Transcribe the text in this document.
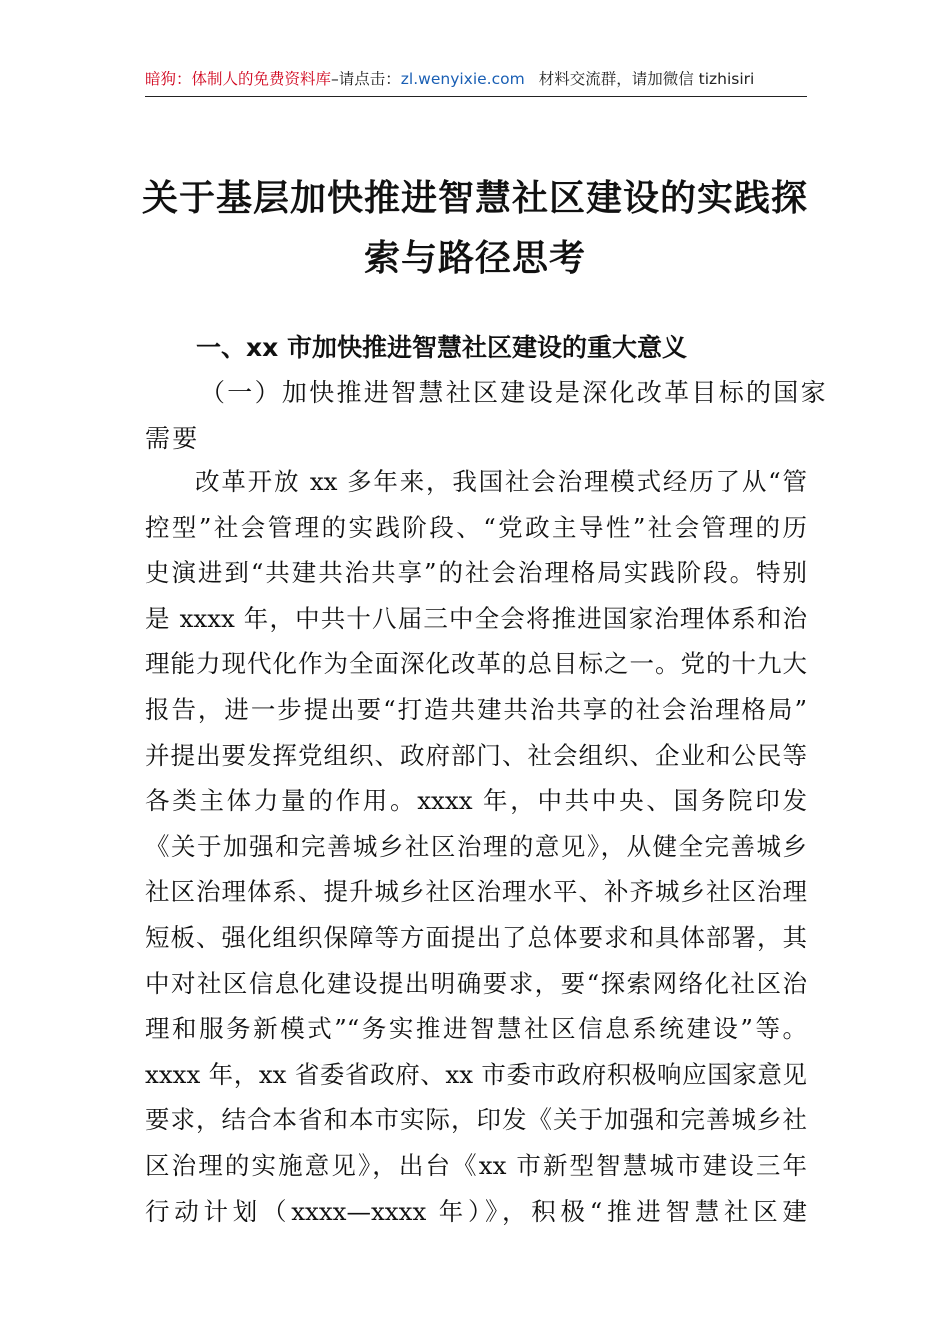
暗狗：体制人的免费资料库–请点击：zl.wenyixie.com 材料交流群，请加微信 tizhisiri
关于基层加快推进智慧社区建设的实践探
索与路径思考
一、xx 市加快推进智慧社区建设的重大意义
（一）加快推进智慧社区建设是深化改革目标的国家
需要
改革开放 xx 多年来，我国社会治理模式经历了从“管
控型”社会管理的实践阶段、“党政主导性”社会管理的历
史演进到“共建共治共享”的社会治理格局实践阶段。特别
是 xxxx 年，中共十八届三中全会将推进国家治理体系和治
理能力现代化作为全面深化改革的总目标之一。党的十九大
报告，进一步提出要“打造共建共治共享的社会治理格局”
并提出要发挥党组织、政府部门、社会组织、企业和公民等
各类主体力量的作用。xxxx 年，中共中央、国务院印发
《关于加强和完善城乡社区治理的意见》，从健全完善城乡
社区治理体系、提升城乡社区治理水平、补齐城乡社区治理
短板、强化组织保障等方面提出了总体要求和具体部署，其
中对社区信息化建设提出明确要求，要“探索网络化社区治
理和服务新模式”“务实推进智慧社区信息系统建设”等。
xxxx 年，xx 省委省政府、xx 市委市政府积极响应国家意见
要求，结合本省和本市实际，印发《关于加强和完善城乡社
区治理的实施意见》，出台《xx 市新型智慧城市建设三年
行动计划（xxxx—xxxx 年）》，积极“推进智慧社区建
